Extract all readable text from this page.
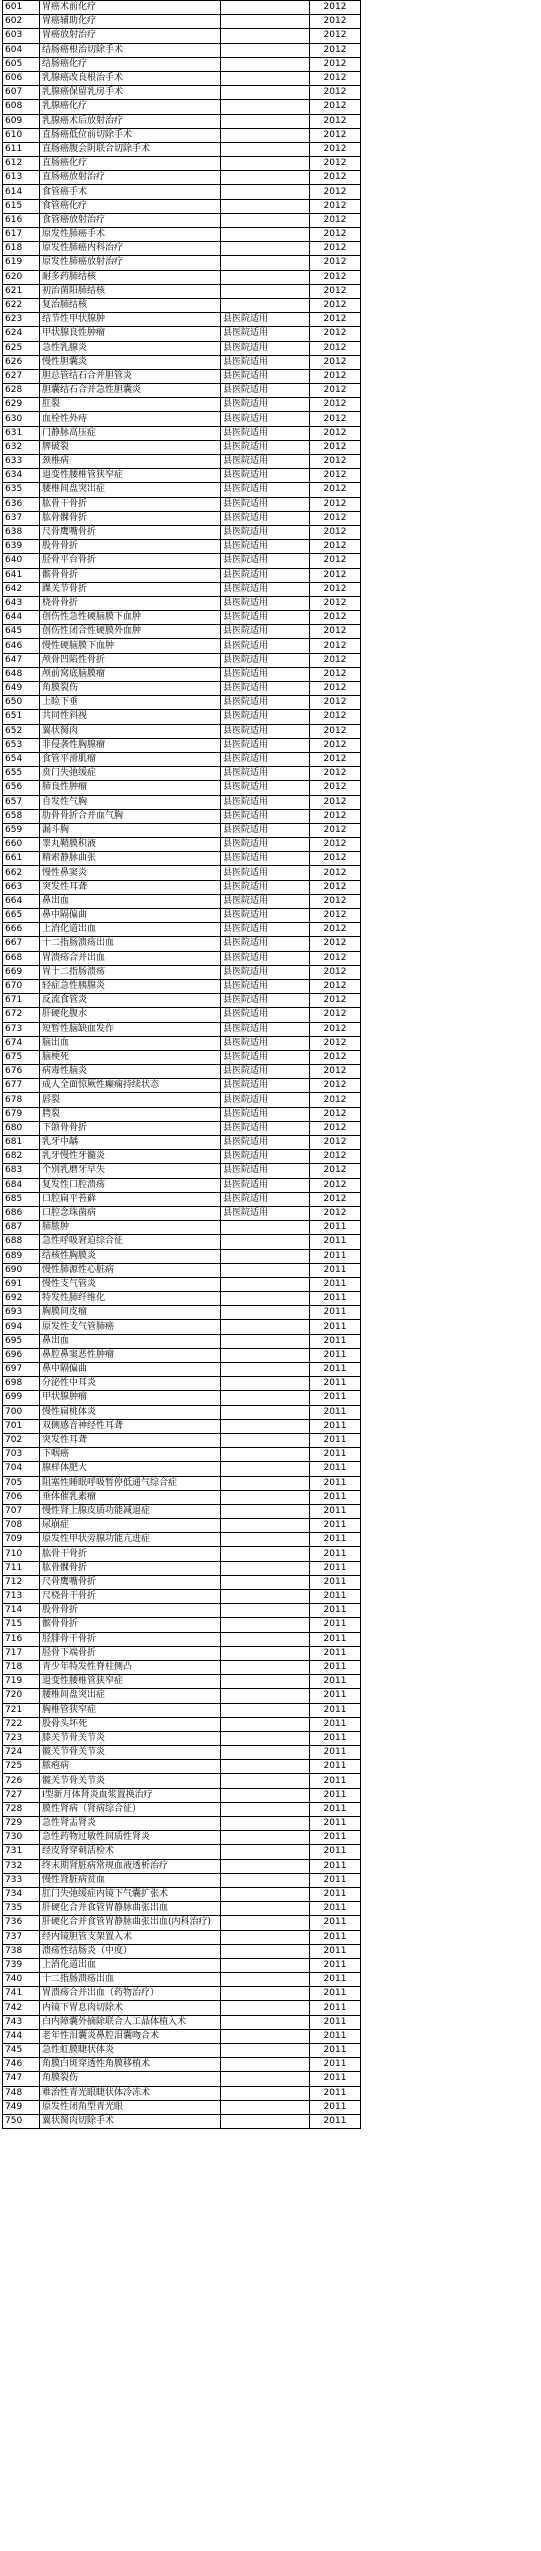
601	胃癌术前化疗		2012
602	胃癌辅助化疗		2012
603	胃癌放射治疗		2012
604	结肠癌根治切除手术		2012
605	结肠癌化疗		2012
606	乳腺癌改良根治手术		2012
607	乳腺癌保留乳房手术		2012
608	乳腺癌化疗		2012
609	乳腺癌术后放射治疗		2012
610	直肠癌低位前切除手术		2012
611	直肠癌腹会阴联合切除手术		2012
612	直肠癌化疗		2012
613	直肠癌放射治疗		2012
614	食管癌手术		2012
615	食管癌化疗		2012
616	食管癌放射治疗		2012
617	原发性肺癌手术		2012
618	原发性肺癌内科治疗		2012
619	原发性肺癌放射治疗		2012
620	耐多药肺结核		2012
621	初治菌阳肺结核		2012
622	复治肺结核		2012
623	结节性甲状腺肿	县医院适用	2012
624	甲状腺良性肿瘤	县医院适用	2012
625	急性乳腺炎	县医院适用	2012
626	慢性胆囊炎	县医院适用	2012
627	胆总管结石合并胆管炎	县医院适用	2012
628	胆囊结石合并急性胆囊炎	县医院适用	2012
629	肛裂	县医院适用	2012
630	血栓性外痔	县医院适用	2012
631	门静脉高压症	县医院适用	2012
632	脾破裂	县医院适用	2012
633	颈椎病	县医院适用	2012
634	退变性腰椎管狭窄症	县医院适用	2012
635	腰椎间盘突出症	县医院适用	2012
636	肱骨干骨折	县医院适用	2012
637	肱骨髁骨折	县医院适用	2012
638	尺骨鹰嘴骨折	县医院适用	2012
639	股骨骨折	县医院适用	2012
640	胫骨平台骨折	县医院适用	2012
641	髌骨骨折	县医院适用	2012
642	踝关节骨折	县医院适用	2012
643	桡骨骨折	县医院适用	2012
644	创伤性急性硬脑膜下血肿	县医院适用	2012
645	创伤性闭合性硬膜外血肿	县医院适用	2012
646	慢性硬脑膜下血肿	县医院适用	2012
647	颅骨凹陷性骨折	县医院适用	2012
648	颅前窝底脑膜瘤	县医院适用	2012
649	角膜裂伤	县医院适用	2012
650	上睑下垂	县医院适用	2012
651	共同性斜视	县医院适用	2012
652	翼状胬肉	县医院适用	2012
653	非侵袭性胸腺瘤	县医院适用	2012
654	食管平滑肌瘤	县医院适用	2012
655	贲门失弛缓症	县医院适用	2012
656	肺良性肿瘤	县医院适用	2012
657	自发性气胸	县医院适用	2012
658	肋骨骨折合并血气胸	县医院适用	2012
659	漏斗胸	县医院适用	2012
660	睾丸鞘膜积液	县医院适用	2012
661	精索静脉曲张	县医院适用	2012
662	慢性鼻窦炎	县医院适用	2012
663	突发性耳聋	县医院适用	2012
664	鼻出血	县医院适用	2012
665	鼻中隔偏曲	县医院适用	2012
666	上消化道出血	县医院适用	2012
667	十二指肠溃疡出血	县医院适用	2012
668	胃溃疡合并出血	县医院适用	2012
669	胃十二指肠溃疡	县医院适用	2012
670	轻症急性胰腺炎	县医院适用	2012
671	反流食管炎	县医院适用	2012
672	肝硬化腹水	县医院适用	2012
673	短暂性脑缺血发作	县医院适用	2012
674	脑出血	县医院适用	2012
675	脑梗死	县医院适用	2012
676	病毒性脑炎	县医院适用	2012
677	成人全面惊厥性癫痫持续状态	县医院适用	2012
678	唇裂	县医院适用	2012
679	腭裂	县医院适用	2012
680	下颌骨骨折	县医院适用	2012
681	乳牙中龋	县医院适用	2012
682	乳牙慢性牙髓炎	县医院适用	2012
683	个别乳磨牙早失	县医院适用	2012
684	复发性口腔溃疡	县医院适用	2012
685	口腔扁平苔藓	县医院适用	2012
686	口腔念珠菌病	县医院适用	2012
687	肺脓肿		2011
688	急性呼吸窘迫综合征		2011
689	结核性胸膜炎		2011
690	慢性肺源性心脏病		2011
691	慢性支气管炎		2011
692	特发性肺纤维化		2011
693	胸膜间皮瘤		2011
694	原发性支气管肺癌		2011
695	鼻出血		2011
696	鼻腔鼻窦恶性肿瘤		2011
697	鼻中隔偏曲		2011
698	分泌性中耳炎		2011
699	甲状腺肿瘤		2011
700	慢性扁桃体炎		2011
701	双侧感音神经性耳聋		2011
702	突发性耳聋		2011
703	下咽癌		2011
704	腺样体肥大		2011
705	阻塞性睡眠呼吸暂停低通气综合症		2011
706	垂体催乳素瘤		2011
707	慢性肾上腺皮质功能减退症		2011
708	尿崩症		2011
709	原发性甲状旁腺功能亢进症		2011
710	肱骨干骨折		2011
711	肱骨髁骨折		2011
712	尺骨鹰嘴骨折		2011
713	尺桡骨干骨折		2011
714	股骨骨折		2011
715	髌骨骨折		2011
716	胫腓骨干骨折		2011
717	胫骨下端骨折		2011
718	青少年特发性脊柱侧凸		2011
719	退变性腰椎管狭窄症		2011
720	腰椎间盘突出症		2011
721	胸椎管狭窄症		2011
722	股骨头坏死		2011
723	膝关节骨关节炎		2011
724	髋关节骨关节炎		2011
725	脓疱病		2011
726	髋关节骨关节炎		2011
727	Ⅰ型新月体肾炎血浆置换治疗		2011
728	膜性肾病（肾病综合征）		2011
729	急性肾盂肾炎		2011
730	急性药物过敏性间质性肾炎		2011
731	经皮肾穿刺活检术		2011
732	终末期肾脏病常规血液透析治疗		2011
733	慢性肾脏病贫血		2011
734	肛门失弛缓症内镜下气囊扩张术		2011
735	肝硬化合并食管胃静脉曲张出血		2011
736	肝硬化合并食管胃静脉曲张出血(内科治疗)		2011
737	经内镜胆管支架置入术		2011
738	溃疡性结肠炎（中度）		2011
739	上消化道出血		2011
740	十二指肠溃疡出血		2011
741	胃溃疡合并出血（药物治疗）		2011
742	内镜下胃息肉切除术		2011
743	白内障囊外摘除联合人工晶体植入术		2011
744	老年性泪囊炎鼻腔泪囊吻合术		2011
745	急性虹膜睫状体炎		2011
746	角膜白斑穿透性角膜移植术		2011
747	角膜裂伤		2011
748	难治性青光眼睫状体冷冻术		2011
749	原发性闭角型青光眼		2011
750	翼状胬肉切除手术		2011
